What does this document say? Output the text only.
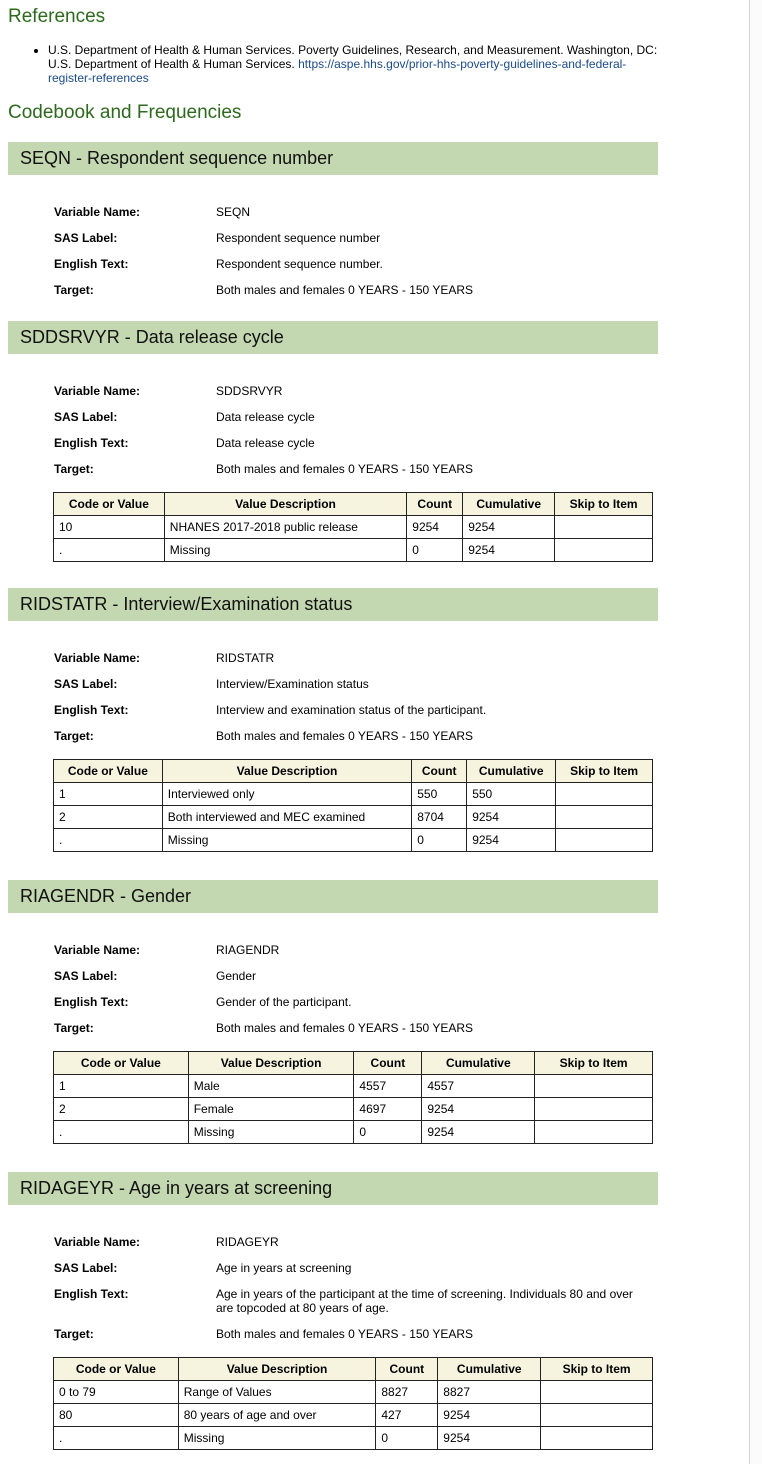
References
• U.S. Department of Health & Human Services. Poverty Guidelines, Research, and Measurement. Washington, DC: U.S. Department of Health & Human Services. https://aspe.hhs.gov/prior-hhs-poverty-guidelines-and-federal-register-references
Codebook and Frequencies
SEQN - Respondent sequence number
Variable Name:	SEQN
SAS Label:	Respondent sequence number
English Text:	Respondent sequence number.
Target:	Both males and females 0 YEARS - 150 YEARS
SDDSRVYR - Data release cycle
Variable Name:	SDDSRVYR
SAS Label:	Data release cycle
English Text:	Data release cycle
Target:	Both males and females 0 YEARS - 150 YEARS
Code or Value	Value Description	Count	Cumulative	Skip to Item
10	NHANES 2017-2018 public release	9254	9254	
.	Missing	0	9254	
RIDSTATR - Interview/Examination status
Variable Name:	RIDSTATR
SAS Label:	Interview/Examination status
English Text:	Interview and examination status of the participant.
Target:	Both males and females 0 YEARS - 150 YEARS
Code or Value	Value Description	Count	Cumulative	Skip to Item
1	Interviewed only	550	550	
2	Both interviewed and MEC examined	8704	9254	
.	Missing	0	9254	
RIAGENDR - Gender
Variable Name:	RIAGENDR
SAS Label:	Gender
English Text:	Gender of the participant.
Target:	Both males and females 0 YEARS - 150 YEARS
Code or Value	Value Description	Count	Cumulative	Skip to Item
1	Male	4557	4557	
2	Female	4697	9254	
.	Missing	0	9254	
RIDAGEYR - Age in years at screening
Variable Name:	RIDAGEYR
SAS Label:	Age in years at screening
English Text:	Age in years of the participant at the time of screening. Individuals 80 and over are topcoded at 80 years of age.
Target:	Both males and females 0 YEARS - 150 YEARS
Code or Value	Value Description	Count	Cumulative	Skip to Item
0 to 79	Range of Values	8827	8827	
80	80 years of age and over	427	9254	
.	Missing	0	9254	
